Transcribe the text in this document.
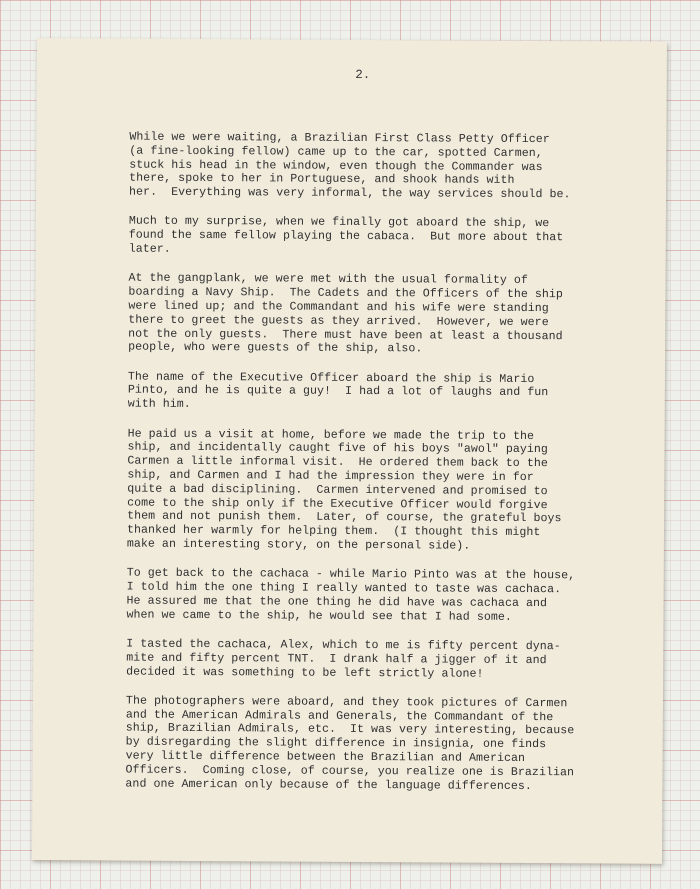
2.
While we were waiting, a Brazilian First Class Petty Officer
(a fine-looking fellow) came up to the car, spotted Carmen,
stuck his head in the window, even though the Commander was
there, spoke to her in Portuguese, and shook hands with
her.  Everything was very informal, the way services should be.
Much to my surprise, when we finally got aboard the ship, we
found the same fellow playing the cabaca.  But more about that
later.
At the gangplank, we were met with the usual formality of
boarding a Navy Ship.  The Cadets and the Officers of the ship
were lined up; and the Commandant and his wife were standing
there to greet the guests as they arrived.  However, we were
not the only guests.  There must have been at least a thousand
people, who were guests of the ship, also.
The name of the Executive Officer aboard the ship is Mario
Pinto, and he is quite a guy!  I had a lot of laughs and fun
with him.
He paid us a visit at home, before we made the trip to the
ship, and incidentally caught five of his boys "awol" paying
Carmen a little informal visit.  He ordered them back to the
ship, and Carmen and I had the impression they were in for
quite a bad disciplining.  Carmen intervened and promised to
come to the ship only if the Executive Officer would forgive
them and not punish them.  Later, of course, the grateful boys
thanked her warmly for helping them.  (I thought this might
make an interesting story, on the personal side).
To get back to the cachaca - while Mario Pinto was at the house,
I told him the one thing I really wanted to taste was cachaca.
He assured me that the one thing he did have was cachaca and
when we came to the ship, he would see that I had some.
I tasted the cachaca, Alex, which to me is fifty percent dyna-
mite and fifty percent TNT.  I drank half a jigger of it and
decided it was something to be left strictly alone!
The photographers were aboard, and they took pictures of Carmen
and the American Admirals and Generals, the Commandant of the
ship, Brazilian Admirals, etc.  It was very interesting, because
by disregarding the slight difference in insignia, one finds
very little difference between the Brazilian and American
Officers.  Coming close, of course, you realize one is Brazilian
and one American only because of the language differences.
